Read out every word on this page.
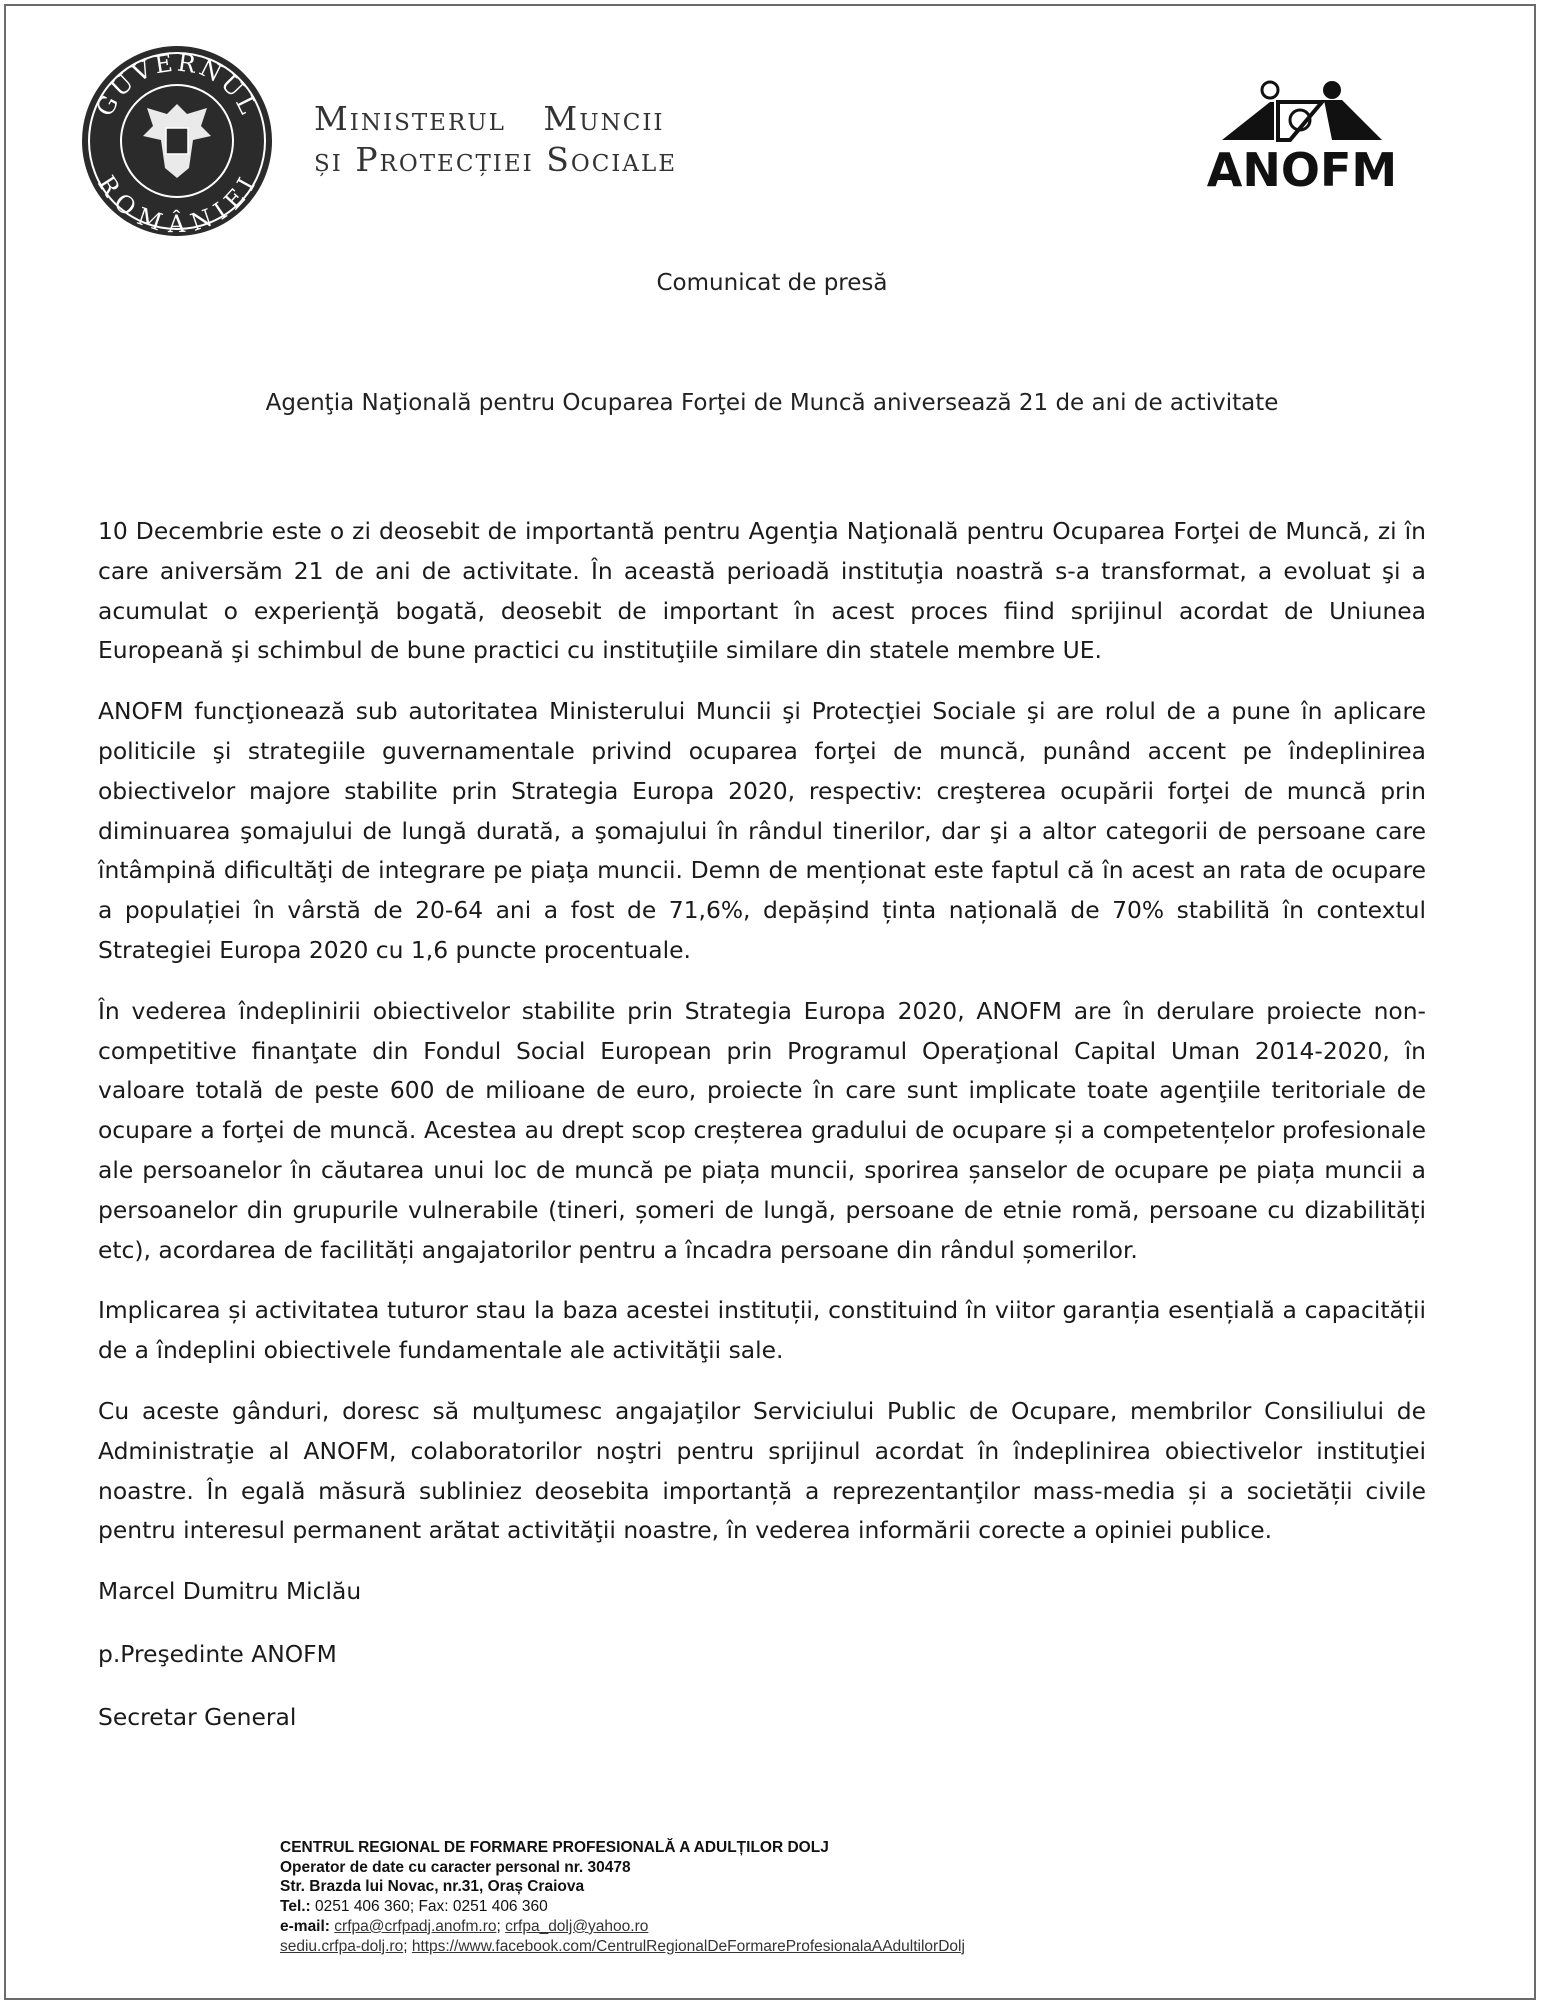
GUVERNUL
ROMÂNIEI
Ministerul   Muncii
și Protecției Sociale	ANOFM
Comunicat de presă
Agenţia Naţională pentru Ocuparea Forţei de Muncă aniversează 21 de ani de activitate

10 Decembrie este o zi deosebit de importantă pentru Agenţia Naţională pentru Ocuparea Forţei de Muncă, zi în care aniversăm 21 de ani de activitate. În această perioadă instituţia noastră s-a transformat, a evoluat şi a acumulat o experienţă bogată, deosebit de important în acest proces fiind sprijinul acordat de Uniunea Europeană şi schimbul de bune practici cu instituţiile similare din statele membre UE.

ANOFM funcţionează sub autoritatea Ministerului Muncii şi Protecţiei Sociale şi are rolul de a pune în aplicare politicile şi strategiile guvernamentale privind ocuparea forţei de muncă, punând accent pe îndeplinirea obiectivelor majore stabilite prin Strategia Europa 2020, respectiv: creşterea ocupării forţei de muncă prin diminuarea şomajului de lungă durată, a şomajului în rândul tinerilor, dar şi a altor categorii de persoane care întâmpină dificultăţi de integrare pe piaţa muncii. Demn de menționat este faptul că în acest an rata de ocupare a populației în vârstă de 20-64 ani a fost de 71,6%, depășind ținta națională de 70% stabilită în contextul Strategiei Europa 2020 cu 1,6 puncte procentuale.

În vederea îndeplinirii obiectivelor stabilite prin Strategia Europa 2020, ANOFM are în derulare proiecte non-competitive finanţate din Fondul Social European prin Programul Operaţional Capital Uman 2014-2020, în valoare totală de peste 600 de milioane de euro, proiecte în care sunt implicate toate agenţiile teritoriale de ocupare a forţei de muncă. Acestea au drept scop creșterea gradului de ocupare și a competențelor profesionale ale persoanelor în căutarea unui loc de muncă pe piața muncii, sporirea șanselor de ocupare pe piața muncii a persoanelor din grupurile vulnerabile (tineri, șomeri de lungă, persoane de etnie romă, persoane cu dizabilități etc), acordarea de facilități angajatorilor pentru a încadra persoane din rândul șomerilor.

Implicarea și activitatea tuturor stau la baza acestei instituții, constituind în viitor garanția esențială a capacității de a îndeplini obiectivele fundamentale ale activităţii sale.

Cu aceste gânduri, doresc să mulţumesc angajaţilor Serviciului Public de Ocupare, membrilor Consiliului de Administraţie al ANOFM, colaboratorilor noştri pentru sprijinul acordat în îndeplinirea obiectivelor instituţiei noastre. În egală măsură subliniez deosebita importanță a reprezentanţilor mass-media și a societății civile pentru interesul permanent arătat activităţii noastre, în vederea informării corecte a opiniei publice.

Marcel Dumitru Miclău

p.Preşedinte ANOFM

Secretar General

CENTRUL REGIONAL DE FORMARE PROFESIONALĂ A ADULȚILOR DOLJ
Operator de date cu caracter personal nr. 30478
Str. Brazda lui Novac, nr.31, Oraș Craiova
Tel.: 0251 406 360; Fax: 0251 406 360
e-mail: crfpa@crfpadj.anofm.ro; crfpa_dolj@yahoo.ro
sediu.crfpa-dolj.ro; https://www.facebook.com/CentrulRegionalDeFormareProfesionalaAAdultilorDolj
